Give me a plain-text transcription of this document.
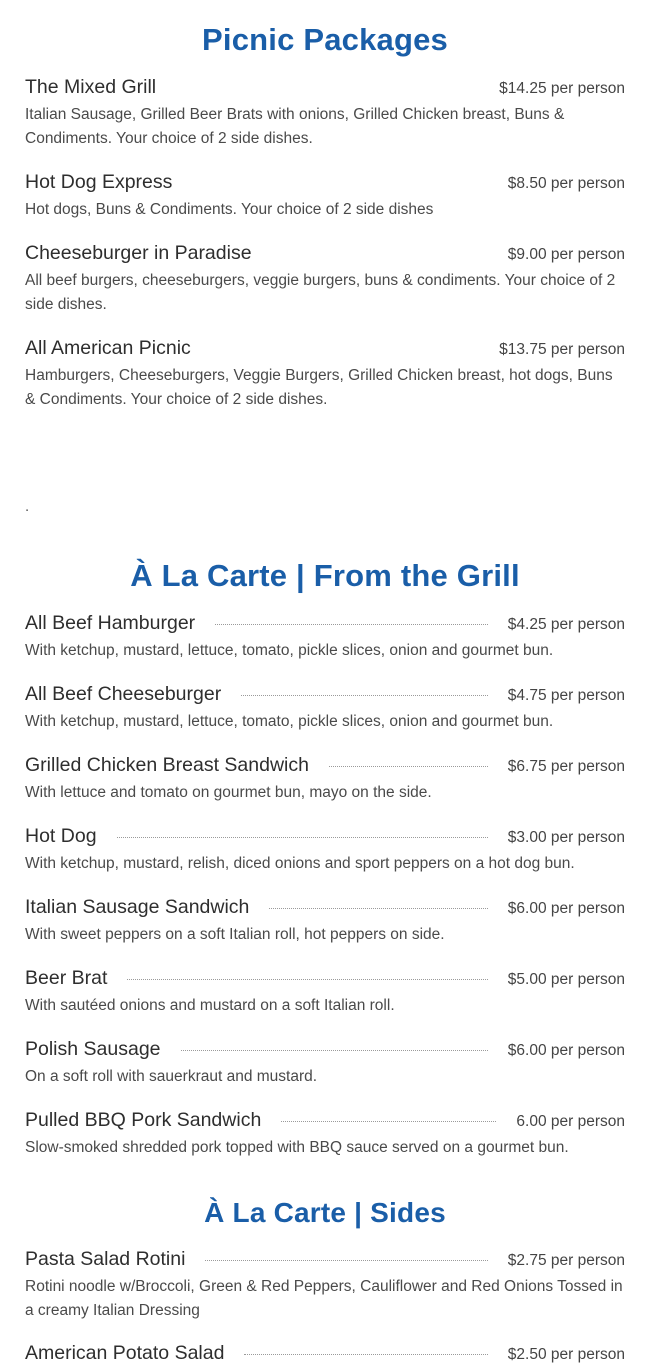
Picnic Packages
The Mixed Grill	$14.25 per person

Italian Sausage, Grilled Beer Brats with onions, Grilled Chicken breast, Buns & Condiments. Your choice of 2 side dishes.

Hot Dog Express	$8.50 per person

Hot dogs, Buns & Condiments. Your choice of 2 side dishes

Cheeseburger in Paradise	$9.00 per person

All beef burgers, cheeseburgers, veggie burgers, buns & condiments. Your choice of 2 side dishes.

All American Picnic	$13.75 per person

Hamburgers, Cheeseburgers, Veggie Burgers, Grilled Chicken breast, hot dogs, Buns & Condiments. Your choice of 2 side dishes.

.
À La Carte | From the Grill
All Beef Hamburger	$4.25 per person

With ketchup, mustard, lettuce, tomato, pickle slices, onion and gourmet bun.

All Beef Cheeseburger	$4.75 per person

With ketchup, mustard, lettuce, tomato, pickle slices, onion and gourmet bun.

Grilled Chicken Breast Sandwich	$6.75 per person

With lettuce and tomato on gourmet bun, mayo on the side.

Hot Dog	$3.00 per person

With ketchup, mustard, relish, diced onions and sport peppers on a hot dog bun.

Italian Sausage Sandwich	$6.00 per person

With sweet peppers on a soft Italian roll, hot peppers on side.

Beer Brat	$5.00 per person

With sautéed onions and mustard on a soft Italian roll.

Polish Sausage	$6.00 per person

On a soft roll with sauerkraut and mustard.

Pulled BBQ Pork Sandwich	6.00 per person

Slow-smoked shredded pork topped with BBQ sauce served on a gourmet bun.

À La Carte | Sides
Pasta Salad Rotini	$2.75 per person

Rotini noodle w/Broccoli, Green & Red Peppers, Cauliflower and Red Onions Tossed in a creamy Italian Dressing

American Potato Salad	$2.50 per person
